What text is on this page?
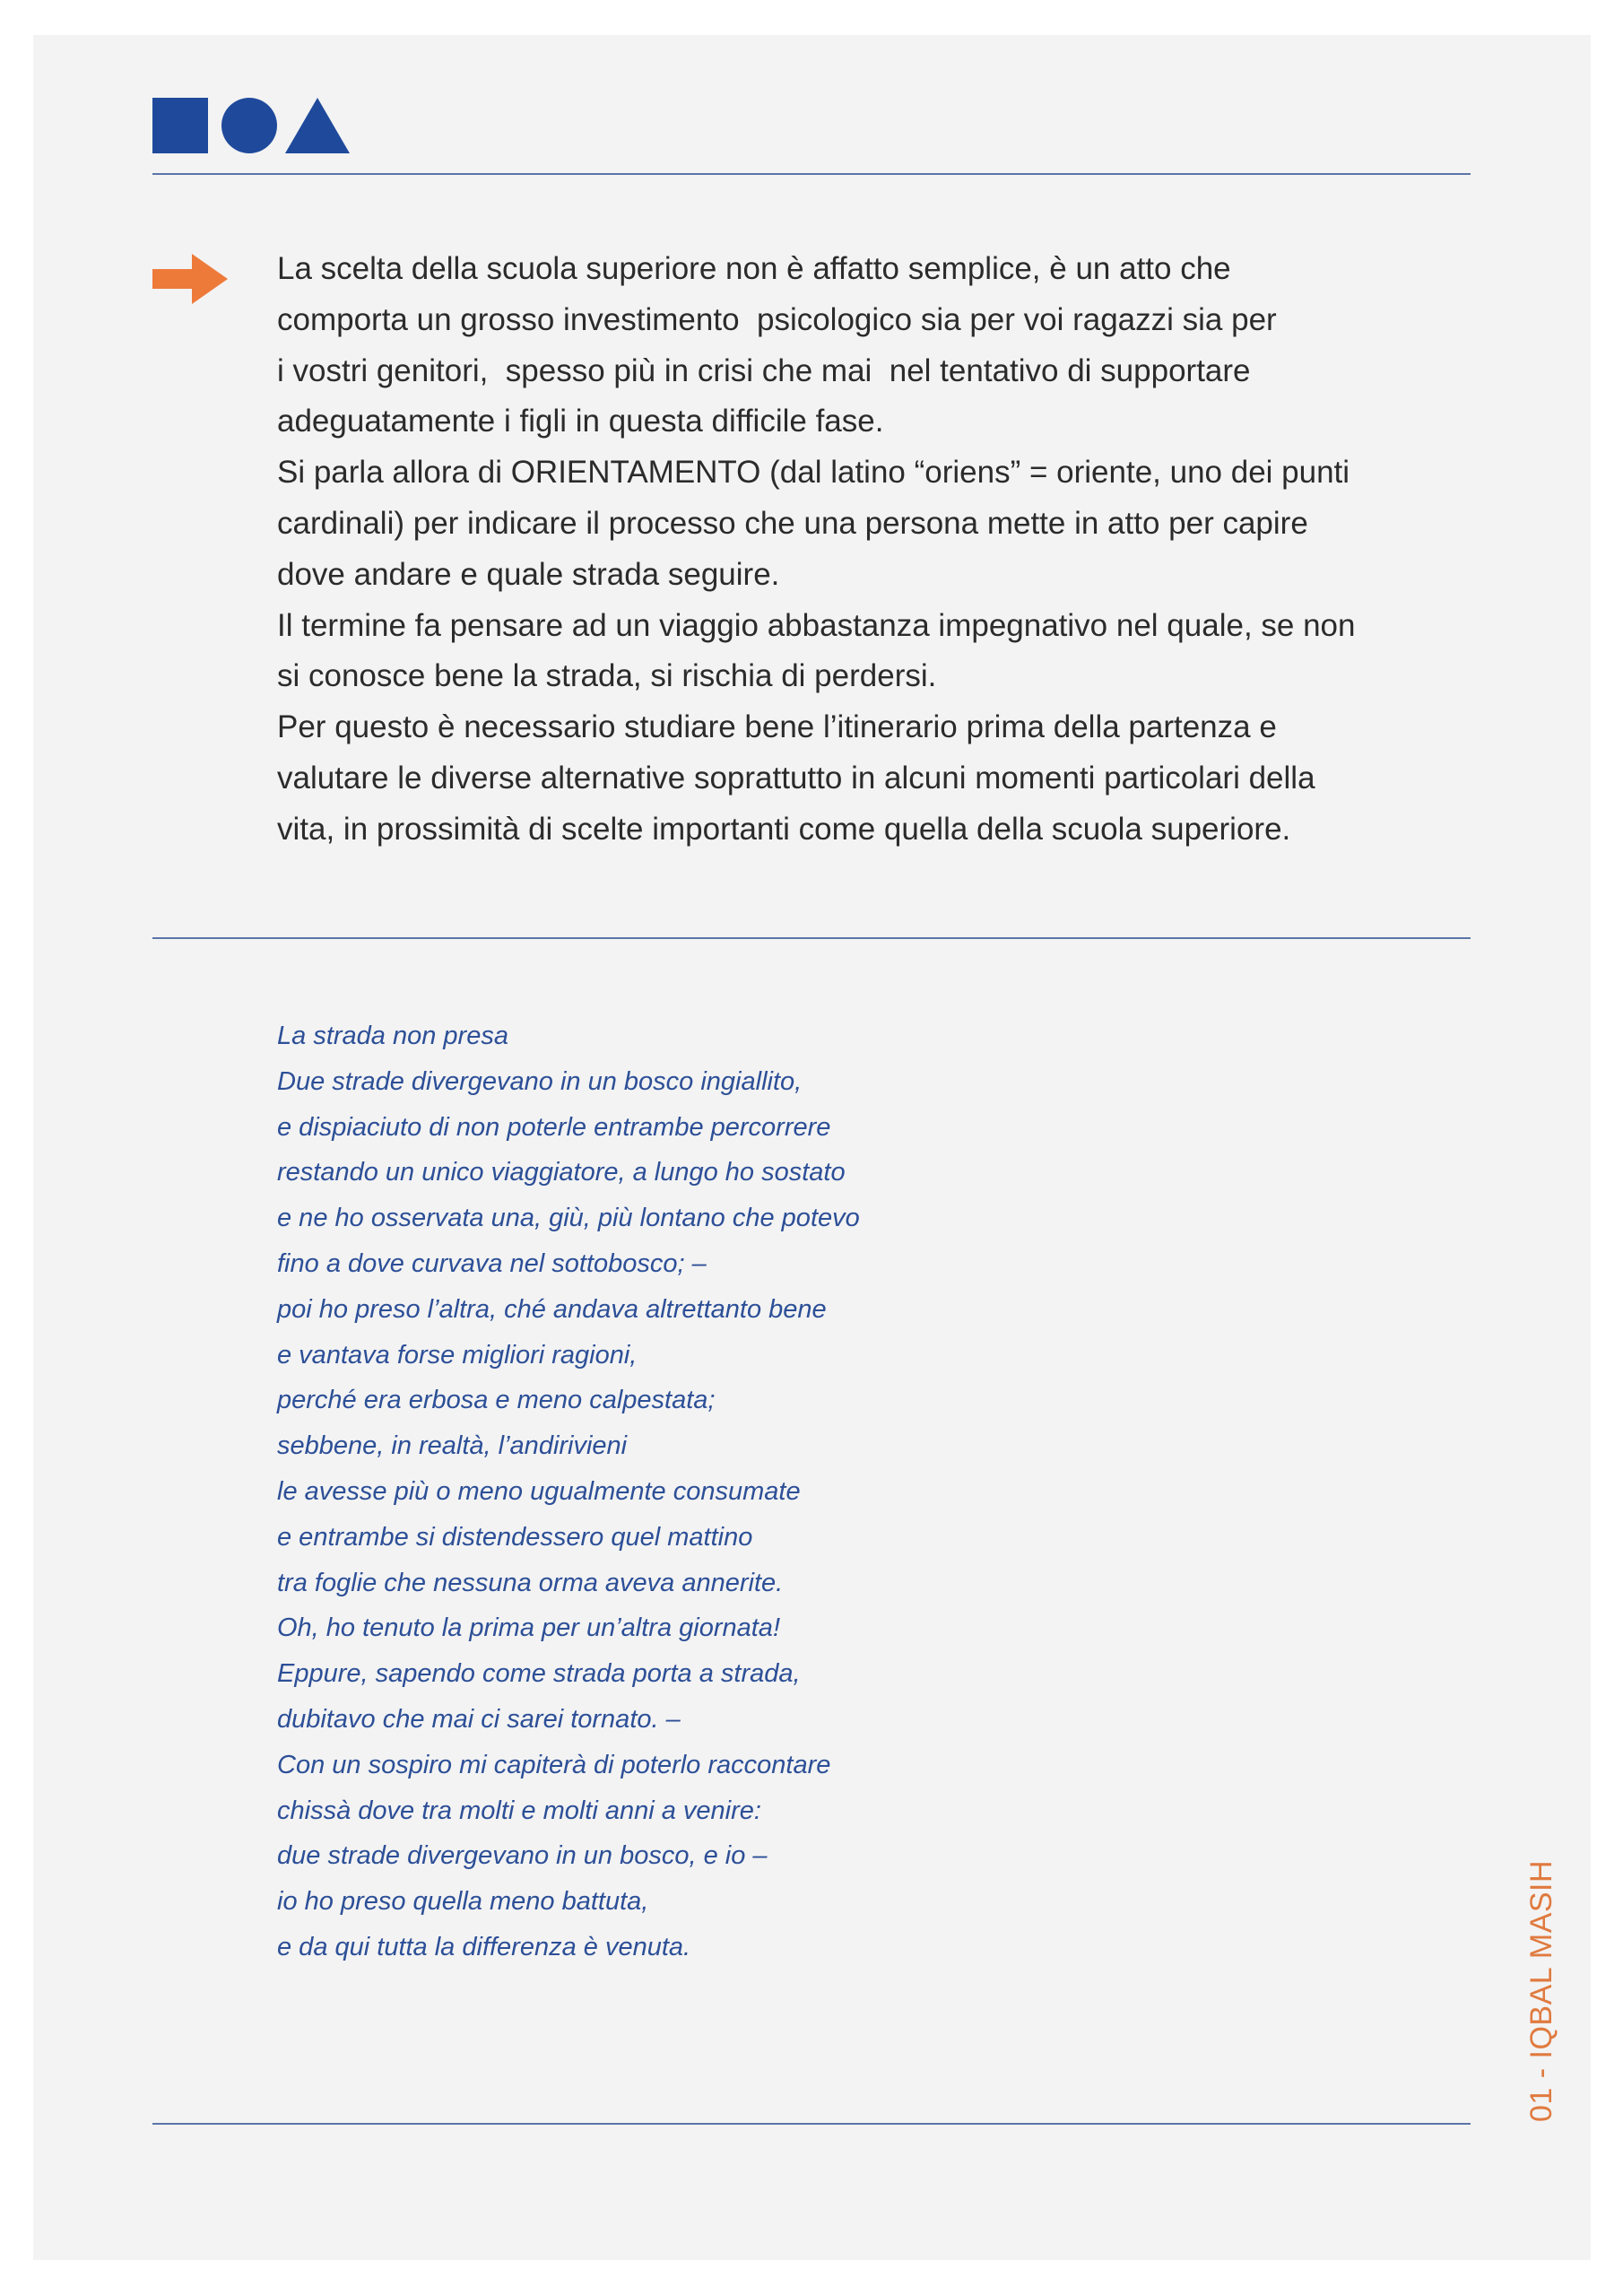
La scelta della scuola superiore non è affatto semplice, è un atto che
comporta un grosso investimento  psicologico sia per voi ragazzi sia per
i vostri genitori,  spesso più in crisi che mai  nel tentativo di supportare
adeguatamente i figli in questa difficile fase.
Si parla allora di ORIENTAMENTO (dal latino “oriens” = oriente, uno dei punti
cardinali) per indicare il processo che una persona mette in atto per capire
dove andare e quale strada seguire.
Il termine fa pensare ad un viaggio abbastanza impegnativo nel quale, se non
si conosce bene la strada, si rischia di perdersi.
Per questo è necessario studiare bene l’itinerario prima della partenza e
valutare le diverse alternative soprattutto in alcuni momenti particolari della
vita, in prossimità di scelte importanti come quella della scuola superiore.
La strada non presa
Due strade divergevano in un bosco ingiallito,
e dispiaciuto di non poterle entrambe percorrere
restando un unico viaggiatore, a lungo ho sostato
e ne ho osservata una, giù, più lontano che potevo
fino a dove curvava nel sottobosco; –
poi ho preso l’altra, ché andava altrettanto bene
e vantava forse migliori ragioni,
perché era erbosa e meno calpestata;
sebbene, in realtà, l’andirivieni
le avesse più o meno ugualmente consumate
e entrambe si distendessero quel mattino
tra foglie che nessuna orma aveva annerite.
Oh, ho tenuto la prima per un’altra giornata!
Eppure, sapendo come strada porta a strada,
dubitavo che mai ci sarei tornato. –
Con un sospiro mi capiterà di poterlo raccontare
chissà dove tra molti e molti anni a venire:
due strade divergevano in un bosco, e io –
io ho preso quella meno battuta,
e da qui tutta la differenza è venuta.	01 - IQBAL MASIH
